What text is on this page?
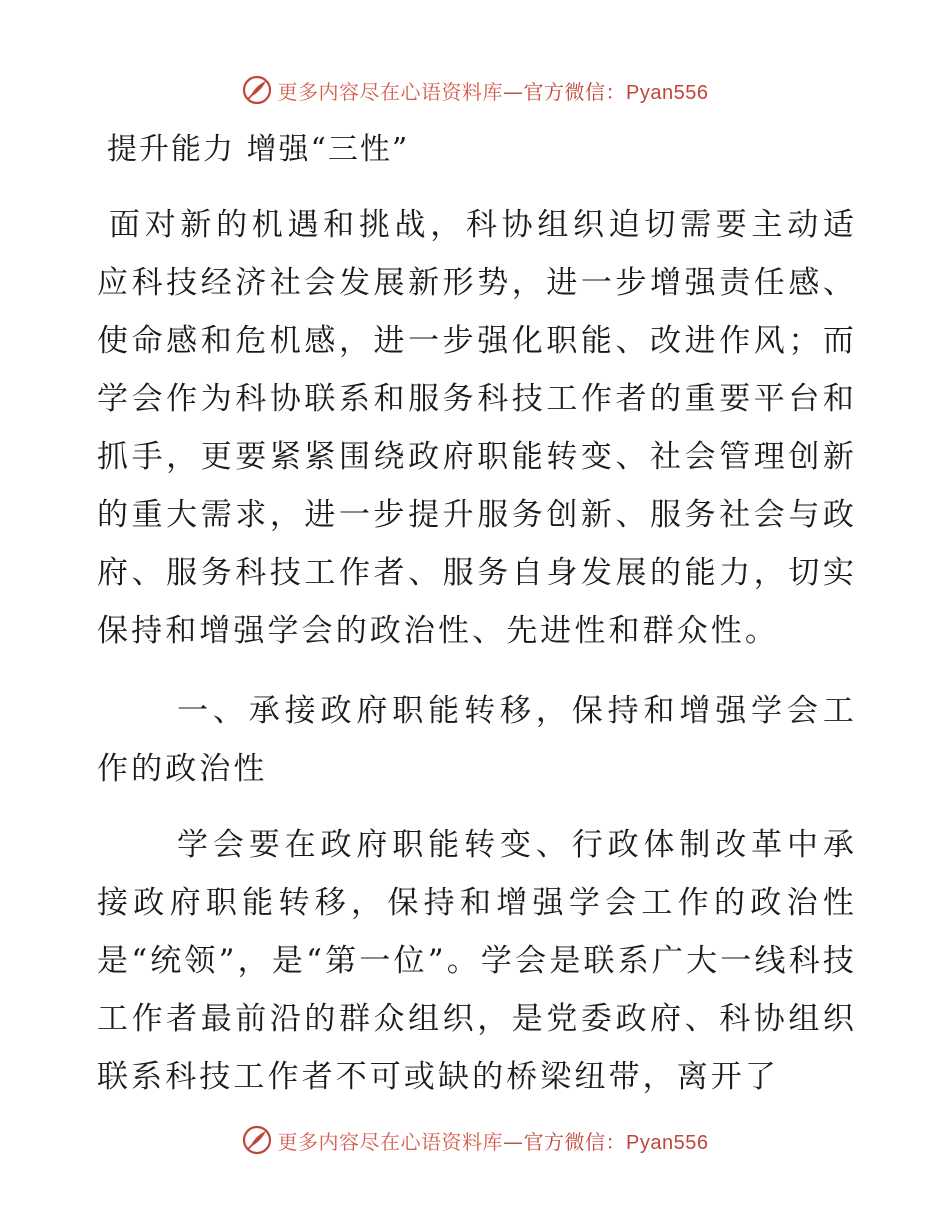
更多内容尽在心语资料库—官方微信：Pyan556
提升能力 增强“三性”

面对新的机遇和挑战，科协组织迫切需要主动适应科技经济社会发展新形势，进一步增强责任感、使命感和危机感，进一步强化职能、改进作风；而学会作为科协联系和服务科技工作者的重要平台和抓手，更要紧紧围绕政府职能转变、社会管理创新的重大需求，进一步提升服务创新、服务社会与政府、服务科技工作者、服务自身发展的能力，切实保持和增强学会的政治性、先进性和群众性。

一、承接政府职能转移，保持和增强学会工作的政治性

学会要在政府职能转变、行政体制改革中承接政府职能转移，保持和增强学会工作的政治性是“统领”，是“第一位”。学会是联系广大一线科技工作者最前沿的群众组织，是党委政府、科协组织联系科技工作者不可或缺的桥梁纽带，离开了

更多内容尽在心语资料库—官方微信：Pyan556
